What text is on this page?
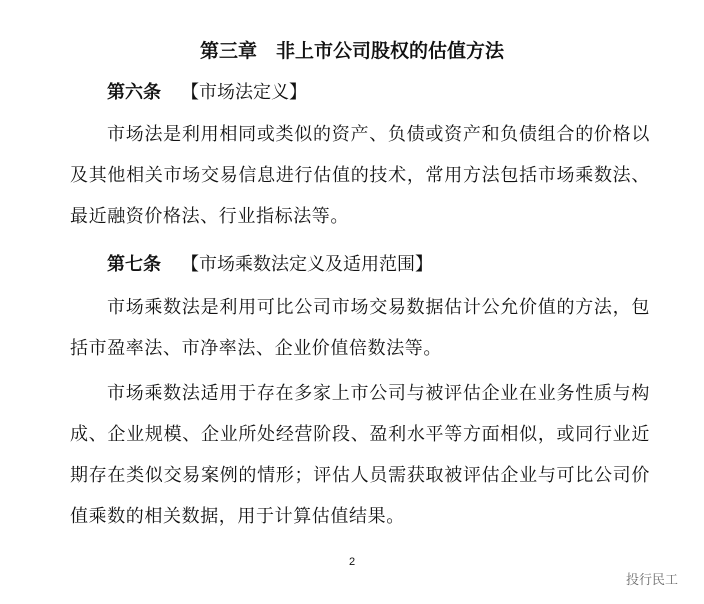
第三章　非上市公司股权的估值方法
第六条 【市场法定义】

市场法是利用相同或类似的资产、负债或资产和负债组合的价格以及其他相关市场交易信息进行估值的技术，常用方法包括市场乘数法、最近融资价格法、行业指标法等。

第七条 【市场乘数法定义及适用范围】

市场乘数法是利用可比公司市场交易数据估计公允价值的方法，包括市盈率法、市净率法、企业价值倍数法等。

市场乘数法适用于存在多家上市公司与被评估企业在业务性质与构成、企业规模、企业所处经营阶段、盈利水平等方面相似，或同行业近期存在类似交易案例的情形；评估人员需获取被评估企业与可比公司价值乘数的相关数据，用于计算估值结果。

2
投行民工
